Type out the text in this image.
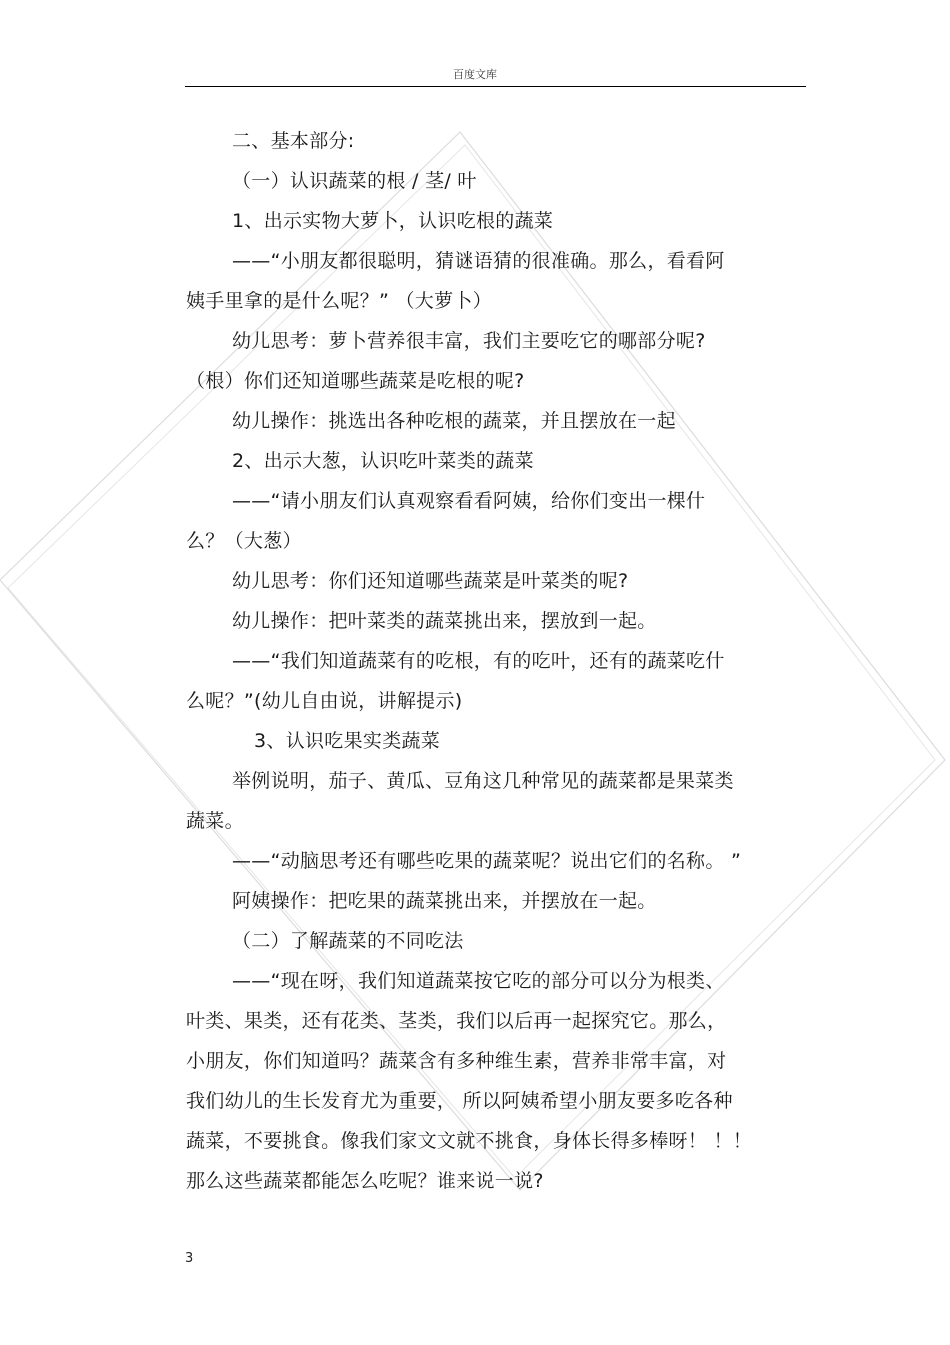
百度文库
二、基本部分:
（一）认识蔬菜的根 / 茎/ 叶
1、出示实物大萝卜，认识吃根的蔬菜
——“小朋友都很聪明，猜谜语猜的很准确。那么，看看阿
姨手里拿的是什么呢？” （大萝卜）
幼儿思考：萝卜营养很丰富，我们主要吃它的哪部分呢?
（根）你们还知道哪些蔬菜是吃根的呢?
幼儿操作：挑选出各种吃根的蔬菜，并且摆放在一起
2、出示大葱，认识吃叶菜类的蔬菜
——“请小朋友们认真观察看看阿姨，给你们变出一棵什
么？（大葱）
幼儿思考：你们还知道哪些蔬菜是叶菜类的呢?
幼儿操作：把叶菜类的蔬菜挑出来，摆放到一起。
——“我们知道蔬菜有的吃根，有的吃叶，还有的蔬菜吃什
么呢？”(幼儿自由说，讲解提示)
3、认识吃果实类蔬菜
举例说明，茄子、黄瓜、豆角这几种常见的蔬菜都是果菜类
蔬菜。
——“动脑思考还有哪些吃果的蔬菜呢？说出它们的名称。 ”
阿姨操作：把吃果的蔬菜挑出来，并摆放在一起。
（二）了解蔬菜的不同吃法
——“现在呀，我们知道蔬菜按它吃的部分可以分为根类、
叶类、果类，还有花类、茎类，我们以后再一起探究它。那么，
小朋友，你们知道吗？蔬菜含有多种维生素，营养非常丰富，对
我们幼儿的生长发育尤为重要， 所以阿姨希望小朋友要多吃各种
蔬菜，不要挑食。像我们家文文就不挑食，身体长得多棒呀！ ！！
那么这些蔬菜都能怎么吃呢？谁来说一说?
3
